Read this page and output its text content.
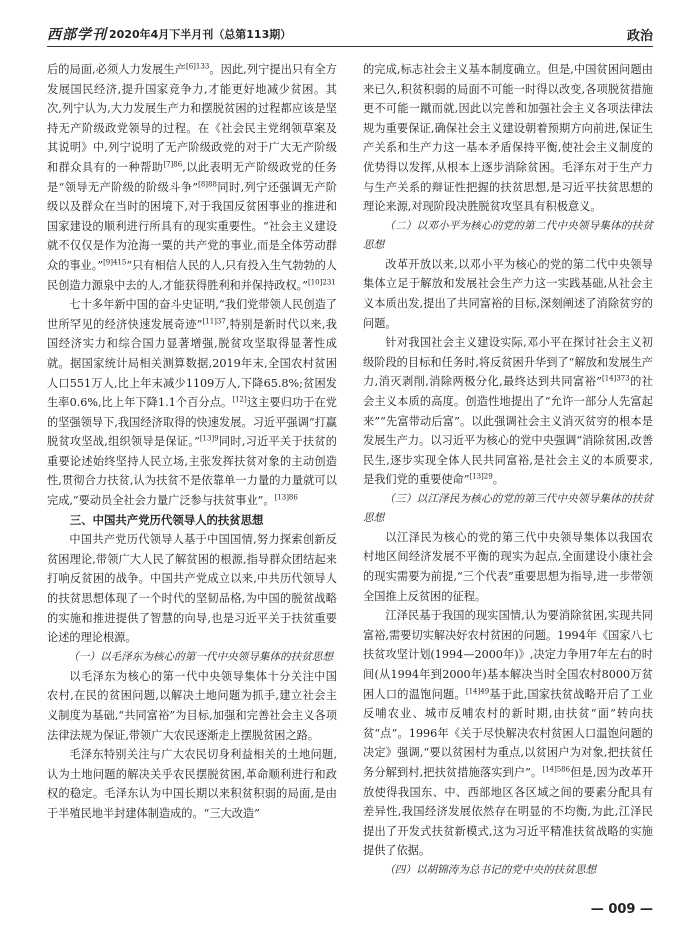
西部学刊 2020年4月下半月刊（总第113期）	政治

后的局面,必须人力发展生产$^{[6]133}$。因此,列宁提出只有全方发展国民经济,提升国家竞争力,才能更好地减少贫困。其次,列宁认为,大力发展生产力和摆脱贫困的过程都应该是坚持无产阶级政党领导的过程。在《社会民主党纲领草案及其说明》中,列宁说明了无产阶级政党的对于广大无产阶级和群众具有的一种帮助$^{[7]86}$,以此表明无产阶级政党的任务是“领导无产阶级的阶级斗争”$^{[8]88}$同时,列宁还强调无产阶级以及群众在当时的困境下,对于我国反贫困事业的推进和国家建设的顺利进行所具有的现实重要性。“社会主义建设就不仅仅是作为沧海一粟的共产党的事业,而是全体劳动群众的事业。”$^{[9]415}$“只有相信人民的人,只有投入生气勃勃的人民创造力源泉中去的人,才能获得胜利和并保持政权。”$^{[10]231}$

七十多年新中国的奋斗史证明,“我们党带领人民创造了世所罕见的经济快速发展奇迹”$^{[11]37}$,特别是新时代以来,我国经济实力和综合国力显著增强,脱贫攻坚取得显著性成就。据国家统计局相关测算数据,2019年末,全国农村贫困人口551万人,比上年末减少1109万人,下降65.8%;贫困发生率0.6%,比上年下降1.1个百分点。[12]这主要归功于在党的坚强领导下,我国经济取得的快速发展。习近平强调“打赢脱贫攻坚战,组织领导是保证。”$^{[13]9}$同时,习近平关于扶贫的重要论述始终坚持人民立场,主张发挥扶贫对象的主动创造性,贯彻合力扶贫,认为扶贫不是依靠单一力量的力量就可以完成,“要动员全社会力量广泛参与扶贫事业”。$^{[13]86}$

三、中国共产党历代领导人的扶贫思想

中国共产党历代领导人基于中国国情,努力探索创新反贫困理论,带领广大人民了解贫困的根源,指导群众团结起来打响反贫困的战争。中国共产党成立以来,中共历代领导人的扶贫思想体现了一个时代的坚韧品格,为中国的脱贫战略的实施和推进提供了智慧的向导,也是习近平关于扶贫重要论述的理论根源。

（一）以毛泽东为核心的第一代中央领导集体的扶贫思想

以毛泽东为核心的第一代中央领导集体十分关注中国农村,在民的贫困问题,以解决土地问题为抓手,建立社会主义制度为基础,“共同富裕”为目标,加强和完善社会主义各项法律法规为保证,带领广大农民逐渐走上摆脱贫困之路。

毛泽东特别关注与广大农民切身利益相关的土地问题,认为土地问题的解决关乎农民摆脱贫困,革命顺利进行和政权的稳定。毛泽东认为中国长期以来积贫积弱的局面,是由于半殖民地半封建体制造成的。“三大改造”

的完成,标志社会主义基本制度确立。但是,中国贫困问题由来已久,积贫积弱的局面不可能一时得以改变,各项脱贫措施更不可能一蹴而就,因此以完善和加强社会主义各项法律法规为重要保证,确保社会主义建设朝着预期方向前进,保证生产关系和生产力这一基本矛盾保持平衡,使社会主义制度的优势得以发挥,从根本上逐步消除贫困。毛泽东对于生产力与生产关系的辩证性把握的扶贫思想,是习近平扶贫思想的理论来源,对现阶段决胜脱贫攻坚具有积极意义。

（二）以邓小平为核心的党的第二代中央领导集体的扶贫思想

改革开放以来,以邓小平为核心的党的第二代中央领导集体立足于解放和发展社会生产力这一实践基础,从社会主义本质出发,提出了共同富裕的目标,深刻阐述了消除贫穷的问题。

针对我国社会主义建设实际,邓小平在探讨社会主义初级阶段的目标和任务时,将反贫困升华到了“解放和发展生产力,消灭剥削,消除两极分化,最终达到共同富裕”$^{[14]373}$的社会主义本质的高度。创造性地提出了“允许一部分人先富起来”“先富带动后富”。以此强调社会主义消灭贫穷的根本是发展生产力。以习近平为核心的党中央强调“消除贫困,改善民生,逐步实现全体人民共同富裕,是社会主义的本质要求,是我们党的重要使命”$^{[13]29}$。

（三）以江泽民为核心的党的第三代中央领导集体的扶贫思想

以江泽民为核心的党的第三代中央领导集体以我国农村地区间经济发展不平衡的现实为起点,全面建设小康社会的现实需要为前提,“三个代表”重要思想为指导,进一步带领全国推上反贫困的征程。

江泽民基于我国的现实国情,认为要消除贫困,实现共同富裕,需要切实解决好农村贫困的问题。1994年《国家八七扶贫攻坚计划(1994—2000年)》,决定力争用7年左右的时间(从1994年到2000年)基本解决当时全国农村8000万贫困人口的温饱问题。$^{[14]49}$基于此,国家扶贫战略开启了工业反哺农业、城市反哺农村的新时期,由扶贫“面”转向扶贫“点”。1996年《关于尽快解决农村贫困人口温饱问题的决定》强调,“要以贫困村为重点,以贫困户为对象,把扶贫任务分解到村,把扶贫措施落实到户”。$^{[14]586}$但是,因为改革开放使得我国东、中、西部地区各区域之间的要素分配具有差异性,我国经济发展依然存在明显的不均衡,为此,江泽民提出了开发式扶贫新模式,这为习近平精准扶贫战略的实施提供了依据。

（四）以胡锦涛为总书记的党中央的扶贫思想

— 009 —
